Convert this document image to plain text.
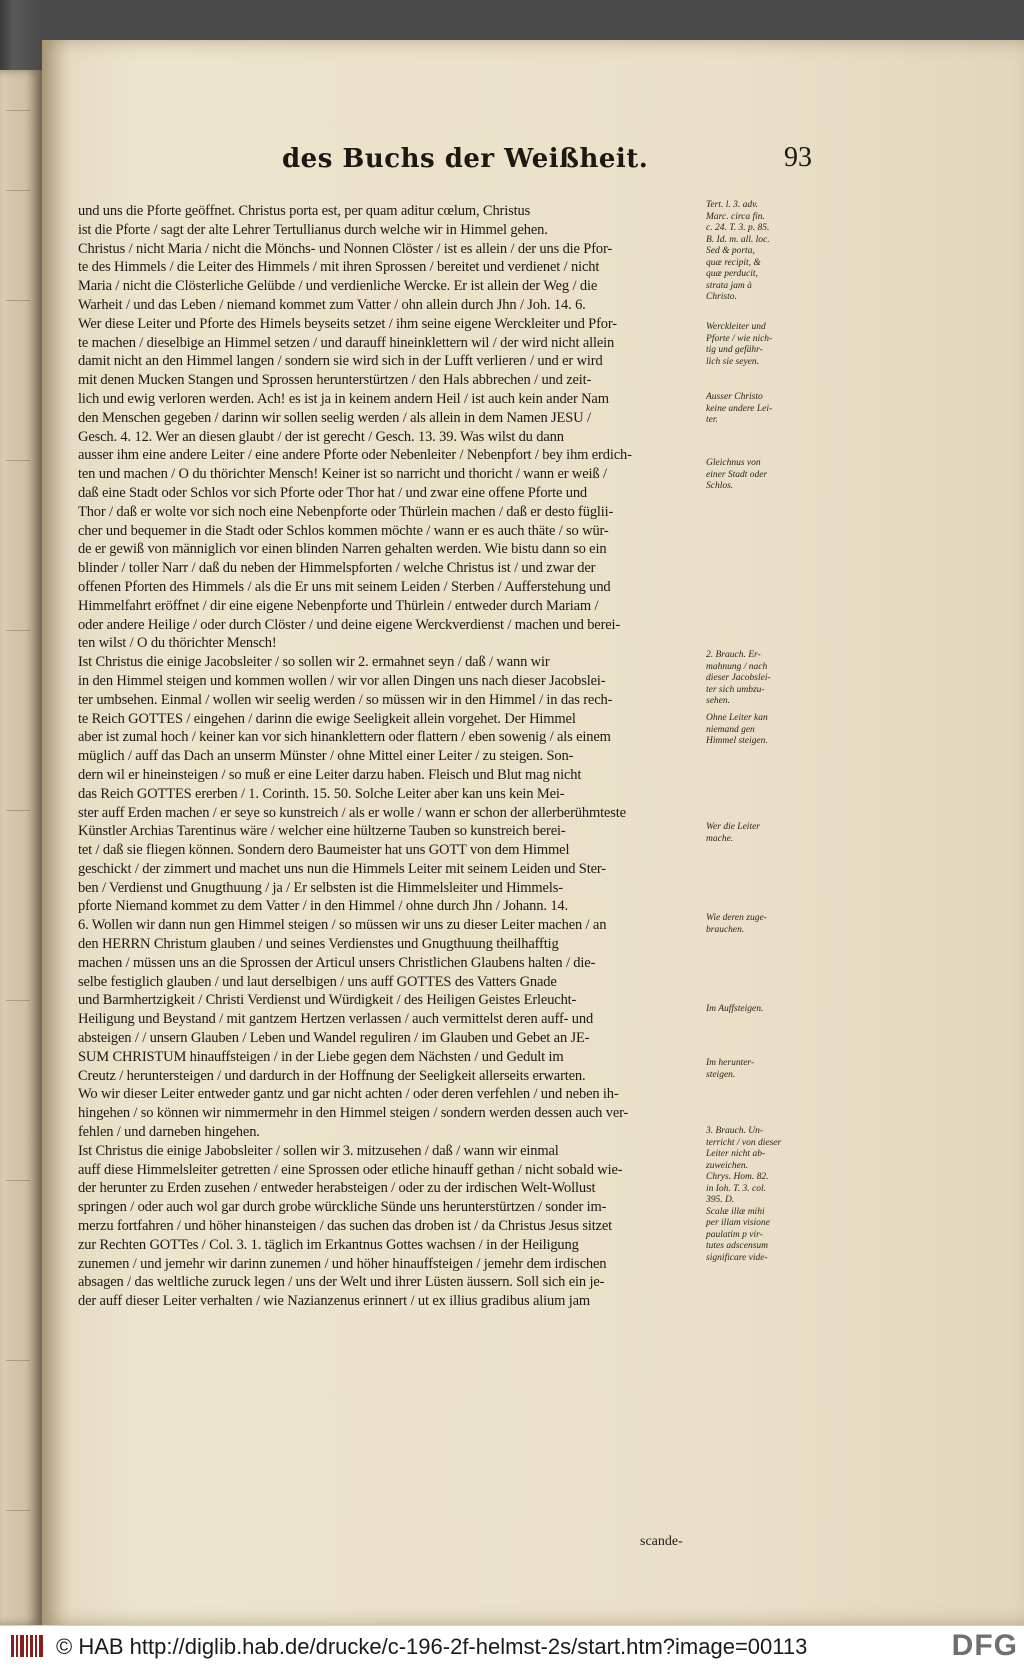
des Buchs der Weißheit.	93
und uns die Pforte geöffnet. Christus porta est, per quam aditur cœlum, Christus
ist die Pforte / sagt der alte Lehrer Tertullianus durch welche wir in Himmel gehen.
Christus / nicht Maria / nicht die Mönchs- und Nonnen Clöster / ist es allein / der uns die Pfor-
te des Himmels / die Leiter des Himmels / mit ihren Sprossen / bereitet und verdienet / nicht
Maria / nicht die Clösterliche Gelübde / und verdienliche Wercke. Er ist allein der Weg / die
Warheit / und das Leben / niemand kommet zum Vatter / ohn allein durch Jhn / Joh. 14. 6.
Wer diese Leiter und Pforte des Himels beyseits setzet / ihm seine eigene Werckleiter und Pfor-
te machen / dieselbige an Himmel setzen / und darauff hineinklettern wil / der wird nicht allein
damit nicht an den Himmel langen / sondern sie wird sich in der Lufft verlieren / und er wird
mit denen Mucken Stangen und Sprossen herunterstürtzen / den Hals abbrechen / und zeit-
lich und ewig verloren werden. Ach! es ist ja in keinem andern Heil / ist auch kein ander Nam
den Menschen gegeben / darinn wir sollen seelig werden / als allein in dem Namen JESU /
Gesch. 4. 12. Wer an diesen glaubt / der ist gerecht / Gesch. 13. 39. Was wilst du dann
ausser ihm eine andere Leiter / eine andere Pforte oder Nebenleiter / Nebenpfort / bey ihm erdich-
ten und machen / O du thörichter Mensch! Keiner ist so narricht und thoricht / wann er weiß /
daß eine Stadt oder Schlos vor sich Pforte oder Thor hat / und zwar eine offene Pforte und
Thor / daß er wolte vor sich noch eine Nebenpforte oder Thürlein machen / daß er desto füglii-
cher und bequemer in die Stadt oder Schlos kommen möchte / wann er es auch thäte / so wür-
de er gewiß von männiglich vor einen blinden Narren gehalten werden. Wie bistu dann so ein
blinder / toller Narr / daß du neben der Himmelspforten / welche Christus ist / und zwar der
offenen Pforten des Himmels / als die Er uns mit seinem Leiden / Sterben / Aufferstehung und
Himmelfahrt eröffnet / dir eine eigene Nebenpforte und Thürlein / entweder durch Mariam /
oder andere Heilige / oder durch Clöster / und deine eigene Werckverdienst / machen und berei-
ten wilst / O du thörichter Mensch!
Ist Christus die einige Jacobsleiter / so sollen wir 2. ermahnet seyn / daß / wann wir
in den Himmel steigen und kommen wollen / wir vor allen Dingen uns nach dieser Jacobslei-
ter umbsehen. Einmal / wollen wir seelig werden / so müssen wir in den Himmel / in das rech-
te Reich GOTTES / eingehen / darinn die ewige Seeligkeit allein vorgehet. Der Himmel
aber ist zumal hoch / keiner kan vor sich hinanklettern oder flattern / eben sowenig / als einem
müglich / auff das Dach an unserm Münster / ohne Mittel einer Leiter / zu steigen. Son-
dern wil er hineinsteigen / so muß er eine Leiter darzu haben. Fleisch und Blut mag nicht
das Reich GOTTES ererben / 1. Corinth. 15. 50. Solche Leiter aber kan uns kein Mei-
ster auff Erden machen / er seye so kunstreich / als er wolle / wann er schon der allerberühmteste
Künstler Archias Tarentinus wäre / welcher eine hültzerne Tauben so kunstreich berei-
tet / daß sie fliegen können. Sondern dero Baumeister hat uns GOTT von dem Himmel
geschickt / der zimmert und machet uns nun die Himmels Leiter mit seinem Leiden und Ster-
ben / Verdienst und Gnugthuung / ja / Er selbsten ist die Himmelsleiter und Himmels-
pforte Niemand kommet zu dem Vatter / in den Himmel / ohne durch Jhn / Johann. 14.
6. Wollen wir dann nun gen Himmel steigen / so müssen wir uns zu dieser Leiter machen / an
den HERRN Christum glauben / und seines Verdienstes und Gnugthuung theilhafftig
machen / müssen uns an die Sprossen der Articul unsers Christlichen Glaubens halten / die-
selbe festiglich glauben / und laut derselbigen / uns auff GOTTES des Vatters Gnade
und Barmhertzigkeit / Christi Verdienst und Würdigkeit / des Heiligen Geistes Erleucht-
Heiligung und Beystand / mit gantzem Hertzen verlassen / auch vermittelst deren auff- und
absteigen / / unsern Glauben / Leben und Wandel reguliren / im Glauben und Gebet an JE-
SUM CHRISTUM hinauffsteigen / in der Liebe gegen dem Nächsten / und Gedult im
Creutz / heruntersteigen / und dardurch in der Hoffnung der Seeligkeit allerseits erwarten.
Wo wir dieser Leiter entweder gantz und gar nicht achten / oder deren verfehlen / und neben ih-
hingehen / so können wir nimmermehr in den Himmel steigen / sondern werden dessen auch ver-
fehlen / und darneben hingehen.
Ist Christus die einige Jabobsleiter / sollen wir 3. mitzusehen / daß / wann wir einmal
auff diese Himmelsleiter getretten / eine Sprossen oder etliche hinauff gethan / nicht sobald wie-
der herunter zu Erden zusehen / entweder herabsteigen / oder zu der irdischen Welt-Wollust
springen / oder auch wol gar durch grobe würckliche Sünde uns herunterstürtzen / sonder im-
merzu fortfahren / und höher hinansteigen / das suchen das droben ist / da Christus Jesus sitzet
zur Rechten GOTTes / Col. 3. 1. täglich im Erkantnus Gottes wachsen / in der Heiligung
zunemen / und jemehr wir darinn zunemen / und höher hinauffsteigen / jemehr dem irdischen
absagen / das weltliche zuruck legen / uns der Welt und ihrer Lüsten äussern. Soll sich ein je-
der auff dieser Leiter verhalten / wie Nazianzenus erinnert / ut ex illius gradibus alium jam
Tert. l. 3. adv.
Marc. circa fin.
c. 24. T. 3. p. 85.
B. Id. m. all. loc.
Sed & porta,
quæ recipit, &
quæ perducit,
strata jam à
Christo.
Werckleiter und
Pforte / wie nich-
tig und gefähr-
lich sie seyen.
Ausser Christo
keine andere Lei-
ter.
Gleichnus von
einer Stadt oder
Schlos.
2. Brauch. Er-
mahnung / nach
dieser Jacobslei-
ter sich umbzu-
sehen.
Ohne Leiter kan
niemand gen
Himmel steigen.
Wer die Leiter
mache.
Wie deren zuge-
brauchen.
Im Auffsteigen.
Im herunter-
steigen.
3. Brauch. Un-
terricht / von dieser
Leiter nicht ab-
zuweichen.
Chrys. Hom. 82.
in Ioh. T. 3. col.
395. D.
Scalæ illæ mihi
per illam visione
paulatim p vir-
tutes adscensum
significare vide-
scande-
© HAB http://diglib.hab.de/drucke/c-196-2f-helmst-2s/start.htm?image=00113	DFG
